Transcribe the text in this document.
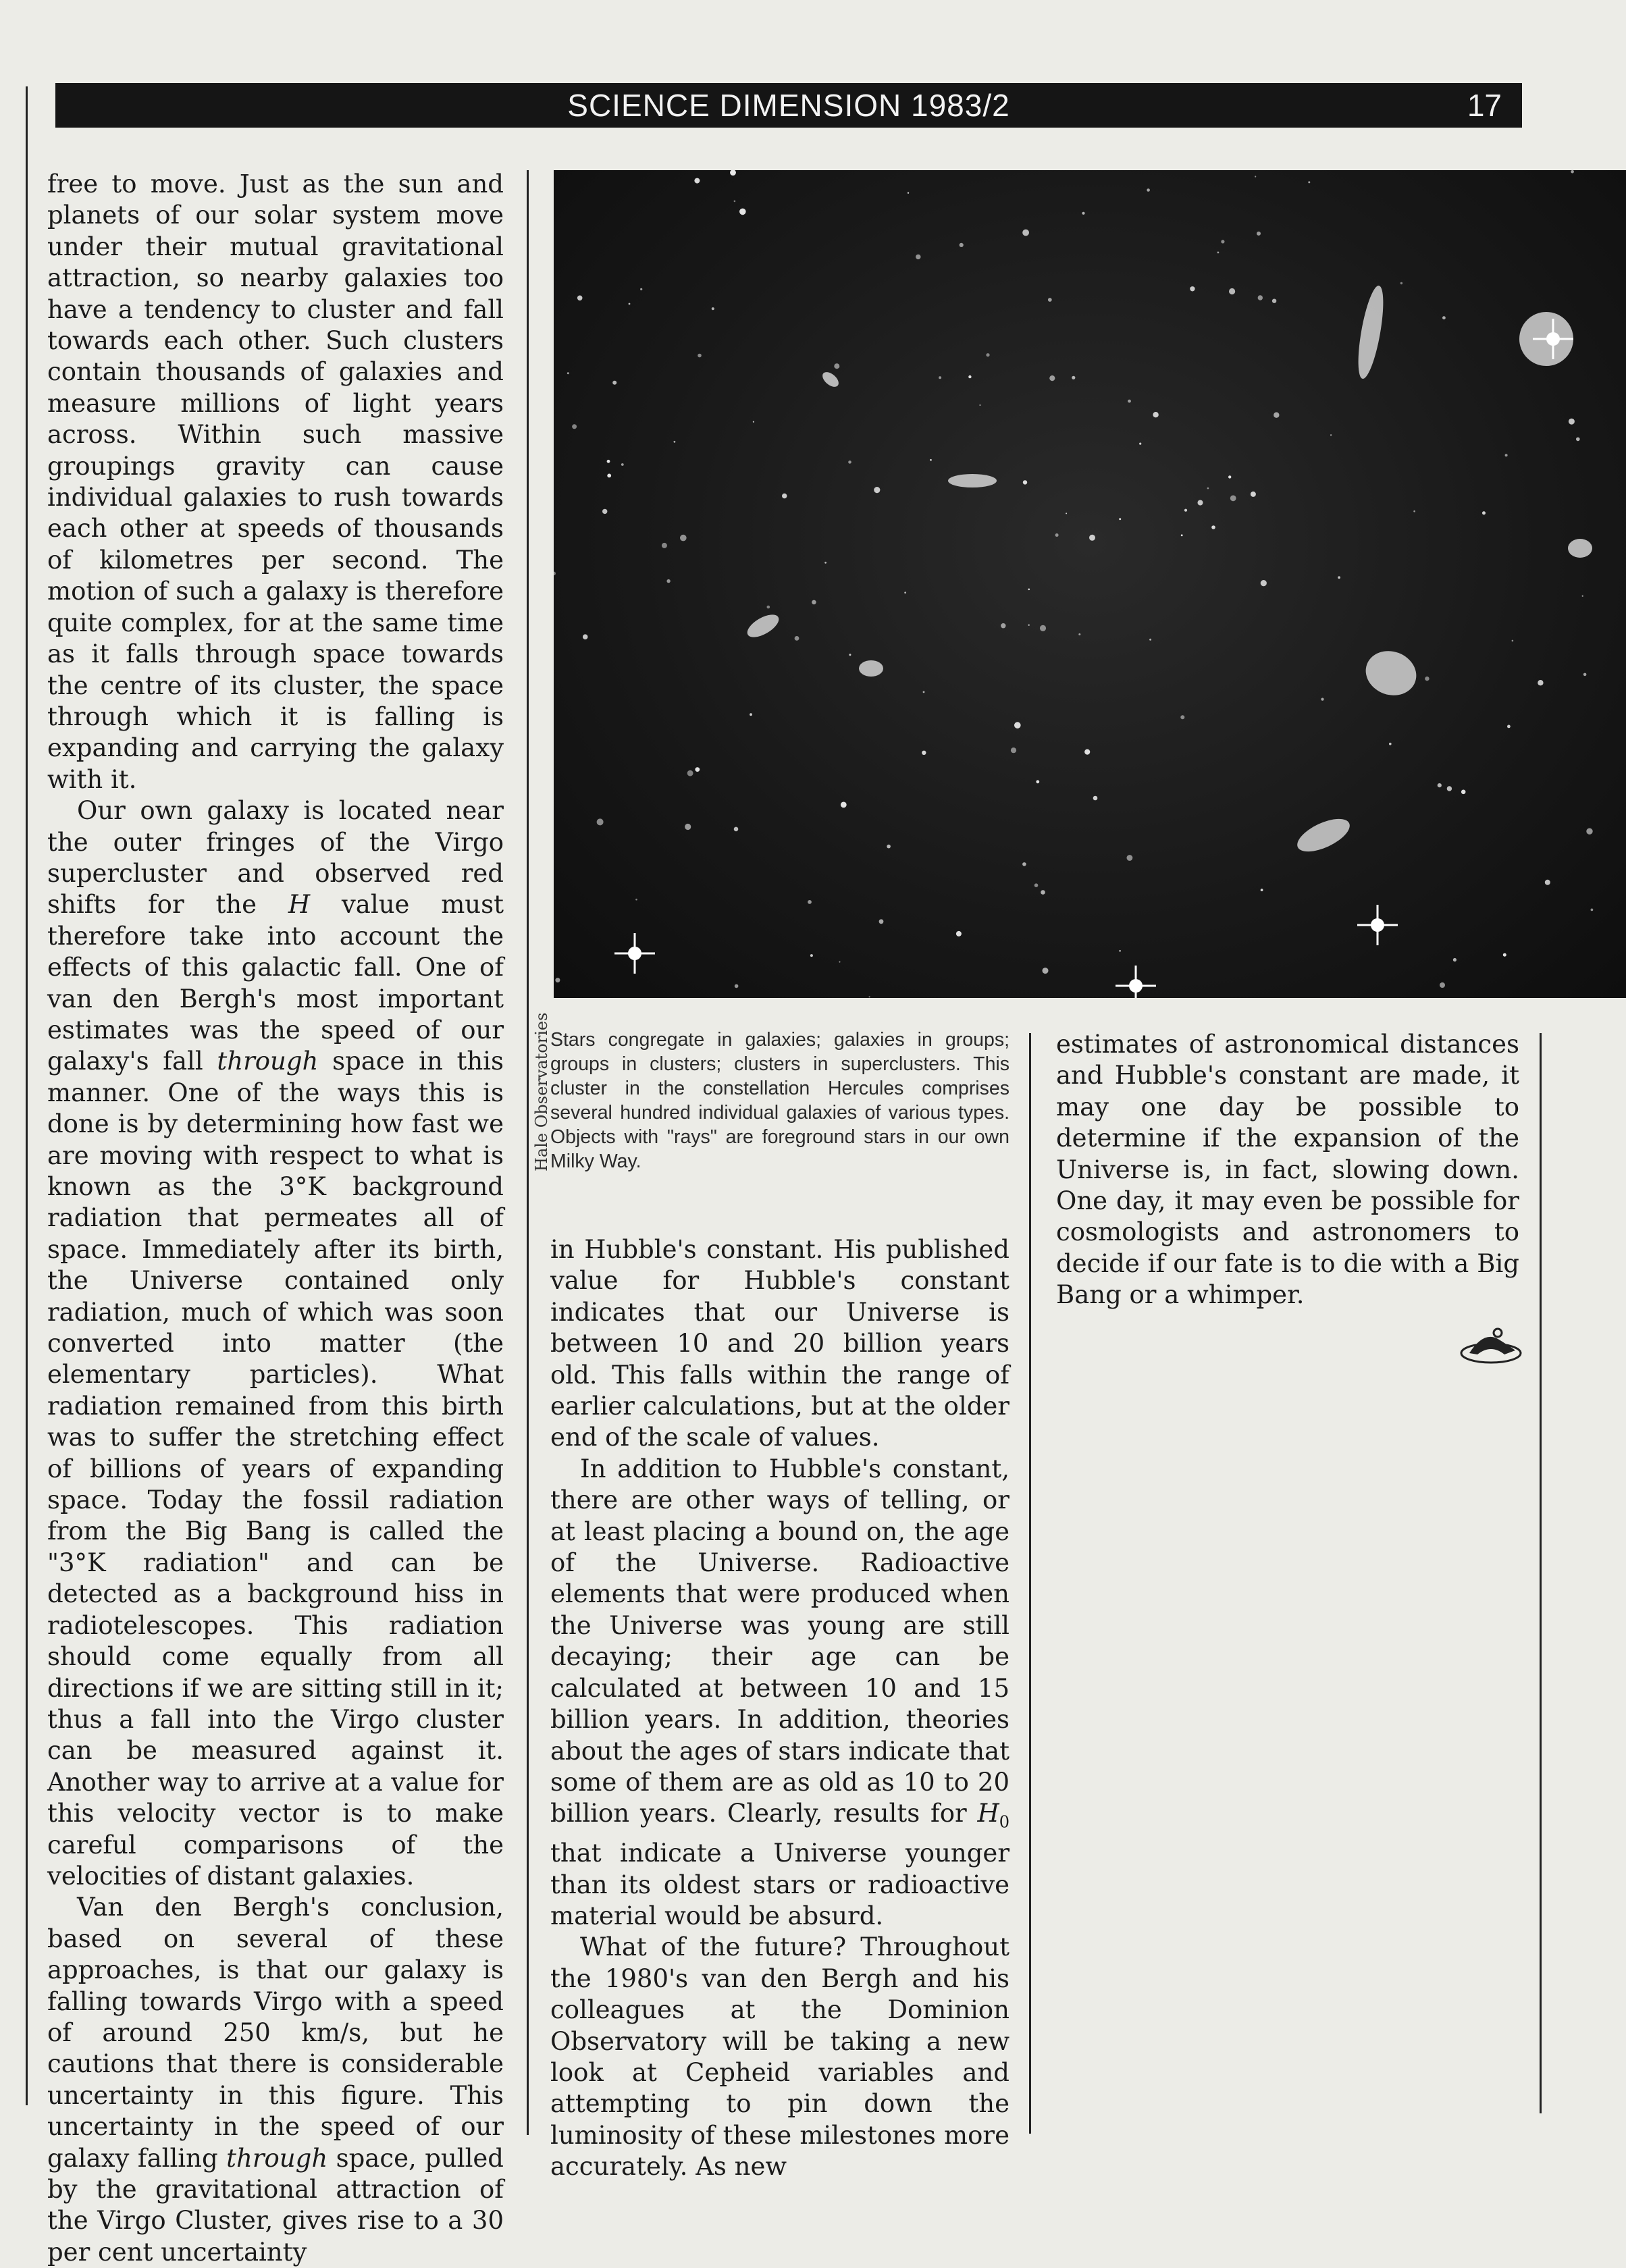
SCIENCE DIMENSION 1983/2	17

free to move. Just as the sun and planets of our solar system move under their mutual gravitational attraction, so nearby galaxies too have a tendency to cluster and fall towards each other. Such clusters contain thousands of galaxies and measure millions of light years across. Within such massive groupings gravity can cause individual galaxies to rush towards each other at speeds of thousands of kilometres per second. The motion of such a galaxy is therefore quite complex, for at the same time as it falls through space towards the centre of its cluster, the space through which it is falling is expanding and carrying the galaxy with it.

Our own galaxy is located near the outer fringes of the Virgo supercluster and observed red shifts for the H value must therefore take into account the effects of this galactic fall. One of van den Bergh's most important estimates was the speed of our galaxy's fall through space in this manner. One of the ways this is done is by determining how fast we are moving with respect to what is known as the 3°K background radiation that permeates all of space. Immediately after its birth, the Universe contained only radiation, much of which was soon converted into matter (the elementary particles). What radiation remained from this birth was to suffer the stretching effect of billions of years of expanding space. Today the fossil radiation from the Big Bang is called the "3°K radiation" and can be detected as a background hiss in radiotelescopes. This radiation should come equally from all directions if we are sitting still in it; thus a fall into the Virgo cluster can be measured against it. Another way to arrive at a value for this velocity vector is to make careful comparisons of the velocities of distant galaxies.

Van den Bergh's conclusion, based on several of these approaches, is that our galaxy is falling towards Virgo with a speed of around 250 km/s, but he cautions that there is considerable uncertainty in this figure. This uncertainty in the speed of our galaxy falling through space, pulled by the gravitational attraction of the Virgo Cluster, gives rise to a 30 per cent uncertainty

Hale Observatories Stars congregate in galaxies; galaxies in groups; groups in clusters; clusters in superclusters. This cluster in the constellation Hercules comprises several hundred individual galaxies of various types. Objects with "rays" are foreground stars in our own Milky Way.

in Hubble's constant. His published value for Hubble's constant indicates that our Universe is between 10 and 20 billion years old. This falls within the range of earlier calculations, but at the older end of the scale of values.

In addition to Hubble's constant, there are other ways of telling, or at least placing a bound on, the age of the Universe. Radioactive elements that were produced when the Universe was young are still decaying; their age can be calculated at between 10 and 15 billion years. In addition, theories about the ages of stars indicate that some of them are as old as 10 to 20 billion years. Clearly, results for $H_0$ that indicate a Universe younger than its oldest stars or radioactive material would be absurd.

What of the future? Throughout the 1980's van den Bergh and his colleagues at the Dominion Observatory will be taking a new look at Cepheid variables and attempting to pin down the luminosity of these milestones more accurately. As new

estimates of astronomical distances and Hubble's constant are made, it may one day be possible to determine if the expansion of the Universe is, in fact, slowing down. One day, it may even be possible for cosmologists and astronomers to decide if our fate is to die with a Big Bang or a whimper.
